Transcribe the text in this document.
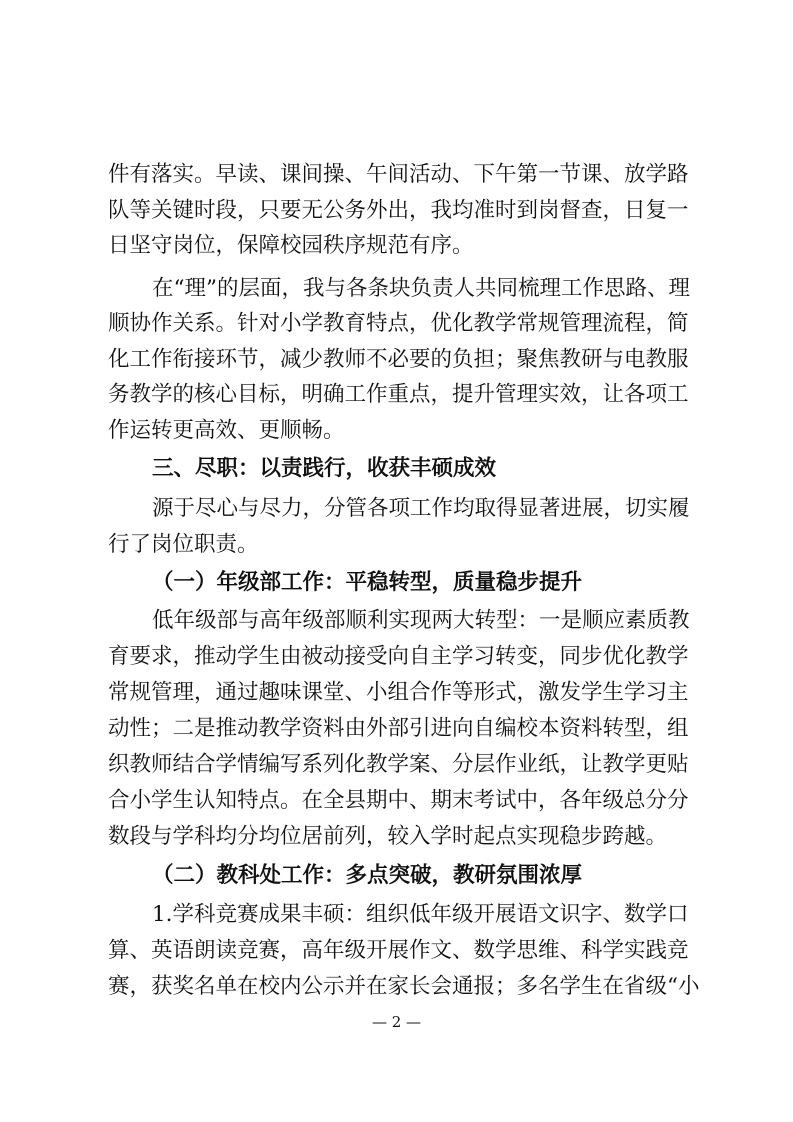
件有落实。早读、课间操、午间活动、下午第一节课、放学路
队等关键时段，只要无公务外出，我均准时到岗督查，日复一
日坚守岗位，保障校园秩序规范有序。
在“理”的层面，我与各条块负责人共同梳理工作思路、理
顺协作关系。针对小学教育特点，优化教学常规管理流程，简
化工作衔接环节，减少教师不必要的负担；聚焦教研与电教服
务教学的核心目标，明确工作重点，提升管理实效，让各项工
作运转更高效、更顺畅。
三、尽职：以责践行，收获丰硕成效
源于尽心与尽力，分管各项工作均取得显著进展，切实履
行了岗位职责。
（一）年级部工作：平稳转型，质量稳步提升
低年级部与高年级部顺利实现两大转型：一是顺应素质教
育要求，推动学生由被动接受向自主学习转变，同步优化教学
常规管理，通过趣味课堂、小组合作等形式，激发学生学习主
动性；二是推动教学资料由外部引进向自编校本资料转型，组
织教师结合学情编写系列化教学案、分层作业纸，让教学更贴
合小学生认知特点。在全县期中、期末考试中，各年级总分分
数段与学科均分均位居前列，较入学时起点实现稳步跨越。
（二）教科处工作：多点突破，教研氛围浓厚
1.学科竞赛成果丰硕：组织低年级开展语文识字、数学口
算、英语朗读竞赛，高年级开展作文、数学思维、科学实践竞
赛，获奖名单在校内公示并在家长会通报；多名学生在省级“小
— 2 —
